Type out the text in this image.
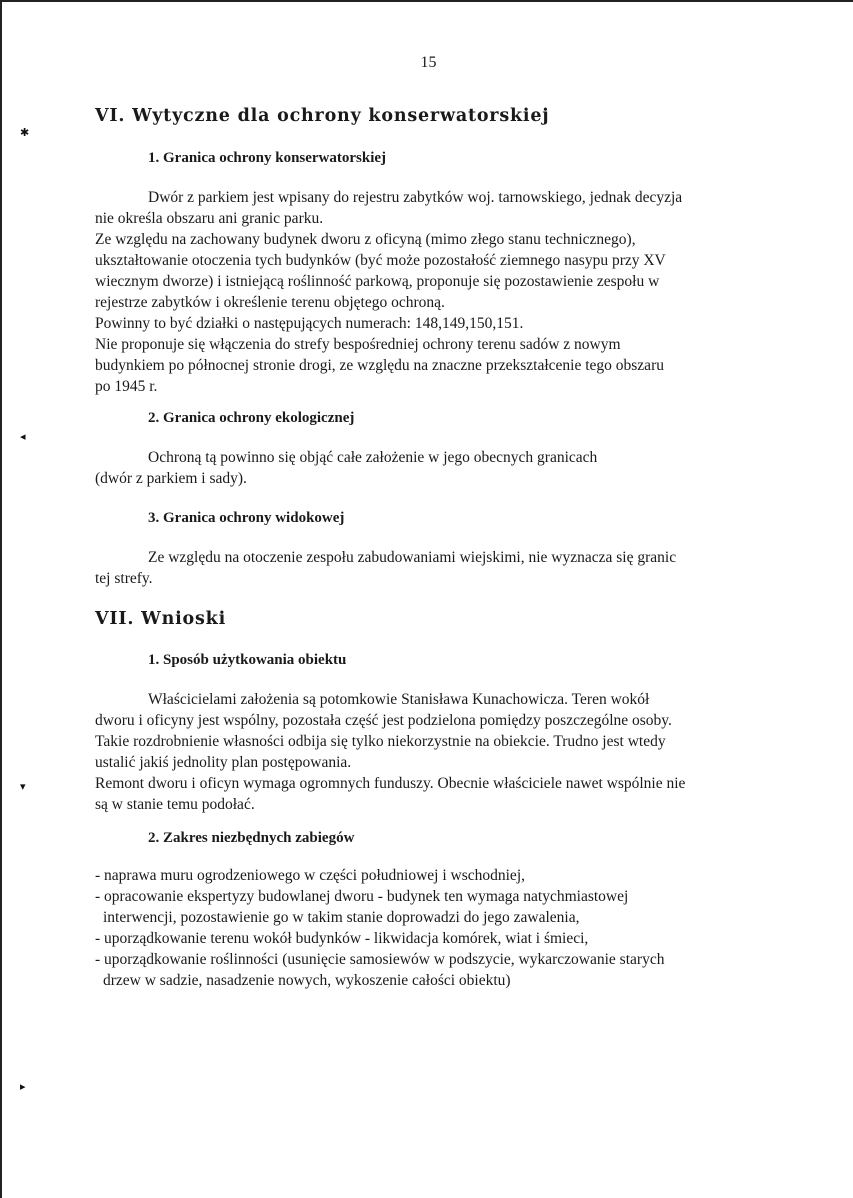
✱
◂
▾
▸
15
VI. Wytyczne dla ochrony konserwatorskiej
1. Granica ochrony konserwatorskiej
Dwór z parkiem jest wpisany do rejestru zabytków woj. tarnowskiego, jednak decyzja
nie określa obszaru ani granic parku.
Ze względu na zachowany budynek dworu z oficyną (mimo złego stanu technicznego),
ukształtowanie otoczenia tych budynków (być może pozostałość ziemnego nasypu przy XV
wiecznym dworze) i istniejącą roślinność parkową, proponuje się pozostawienie zespołu w
rejestrze zabytków i określenie terenu objętego ochroną.
Powinny to być działki o następujących numerach: 148,149,150,151.
Nie proponuje się włączenia do strefy bespośredniej ochrony terenu sadów z nowym
budynkiem po północnej stronie drogi, ze względu na znaczne przekształcenie tego obszaru
po 1945 r.
2. Granica ochrony ekologicznej
Ochroną tą powinno się objąć całe założenie w jego obecnych granicach
(dwór z parkiem i sady).
3. Granica ochrony widokowej
Ze względu na otoczenie zespołu zabudowaniami wiejskimi, nie wyznacza się granic
tej strefy.
VII. Wnioski
1. Sposób użytkowania obiektu
Właścicielami założenia są potomkowie Stanisława Kunachowicza. Teren wokół
dworu i oficyny jest wspólny, pozostała część jest podzielona pomiędzy poszczególne osoby.
Takie rozdrobnienie własności odbija się tylko niekorzystnie na obiekcie. Trudno jest wtedy
ustalić jakiś jednolity plan postępowania.
Remont dworu i oficyn wymaga ogromnych funduszy. Obecnie właściciele nawet wspólnie nie
są w stanie temu podołać.
2. Zakres niezbędnych zabiegów
- naprawa muru ogrodzeniowego w części południowej i wschodniej,
- opracowanie ekspertyzy budowlanej dworu - budynek ten wymaga natychmiastowej
interwencji, pozostawienie go w takim stanie doprowadzi do jego zawalenia,
- uporządkowanie terenu wokół budynków - likwidacja komórek, wiat i śmieci,
- uporządkowanie roślinności (usunięcie samosiewów w podszycie, wykarczowanie starych
drzew w sadzie, nasadzenie nowych, wykoszenie całości obiektu)
